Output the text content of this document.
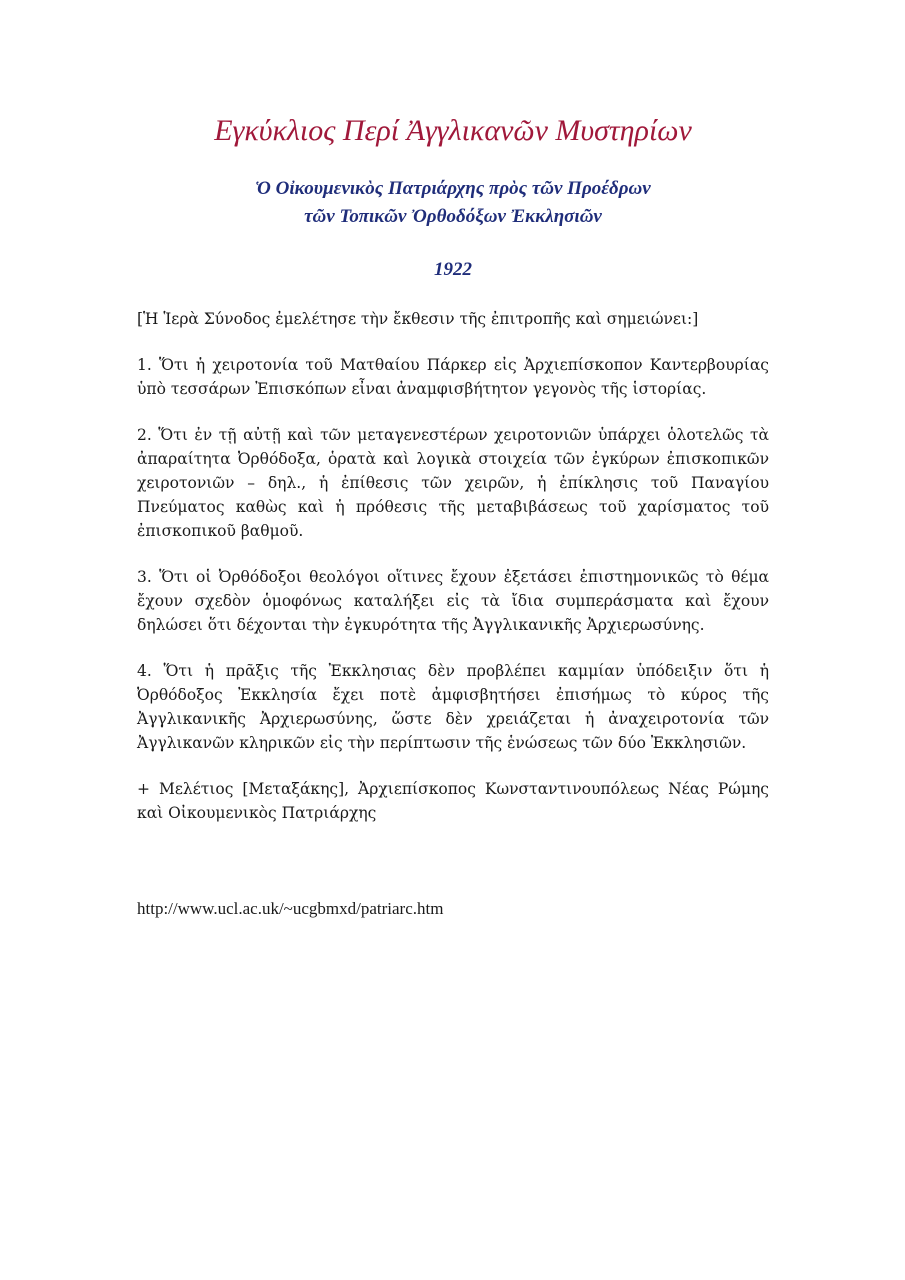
Εγκύκλιος Περί Ἀγγλικανῶν Μυστηρίων
Ὁ Οἰκουμενικὸς Πατριάρχης πρὸς τῶν Προέδρων
τῶν Τοπικῶν Ὀρθοδόξων Ἐκκλησιῶν
1922

[Ἡ Ἱερὰ Σύνοδος ἐμελέτησε τὴν ἔκθεσιν τῆς ἐπιτροπῆς καὶ σημειώνει:]

1. Ὅτι ἡ χειροτονία τοῦ Ματθαίου Πάρκερ εἰς Ἀρχιεπίσκοπον Καντερβουρίας ὑπὸ τεσσάρων Ἐπισκόπων εἶναι ἀναμφισβήτητον γεγονὸς τῆς ἱστορίας.

2. Ὅτι ἐν τῇ αὐτῇ καὶ τῶν μεταγενεστέρων χειροτονιῶν ὑπάρχει ὁλοτελῶς τὰ ἀπαραίτητα Ὀρθόδοξα, ὁρατὰ καὶ λογικὰ στοιχεία τῶν ἐγκύρων ἐπισκοπικῶν χειροτονιῶν – δηλ., ἡ ἐπίθεσις τῶν χειρῶν, ἡ ἐπίκλησις τοῦ Παναγίου Πνεύματος καθὼς καὶ ἡ πρόθεσις τῆς μεταβιβάσεως τοῦ χαρίσματος τοῦ ἐπισκοπικοῦ βαθμοῦ.

3. Ὅτι οἱ Ὀρθόδοξοι θεολόγοι οἵτινες ἔχουν ἐξετάσει ἐπιστημονικῶς τὸ θέμα ἔχουν σχεδὸν ὁμοφόνως καταλήξει εἰς τὰ ἴδια συμπεράσματα καὶ ἔχουν δηλώσει ὅτι δέχονται τὴν ἐγκυρότητα τῆς Ἀγγλικανικῆς Ἀρχιερωσύνης.

4. Ὅτι ἡ πρᾶξις τῆς Ἐκκλησιας δὲν προβλέπει καμμίαν ὑπόδειξιν ὅτι ἡ Ὀρθόδοξος Ἐκκλησία ἔχει ποτὲ ἀμφισβητήσει ἐπισήμως τὸ κύρος τῆς Ἀγγλικανικῆς Ἀρχιερωσύνης, ὥστε δὲν χρειάζεται ἡ ἀναχειροτονία τῶν Ἀγγλικανῶν κληρικῶν εἰς τὴν περίπτωσιν τῆς ἑνώσεως τῶν δύο Ἐκκλησιῶν.

+ Μελέτιος [Μεταξάκης], Ἀρχιεπίσκοπος Κωνσταντινουπόλεως Νέας Ρώμης καὶ Οἰκουμενικὸς Πατριάρχης

http://www.ucl.ac.uk/~ucgbmxd/patriarc.htm
